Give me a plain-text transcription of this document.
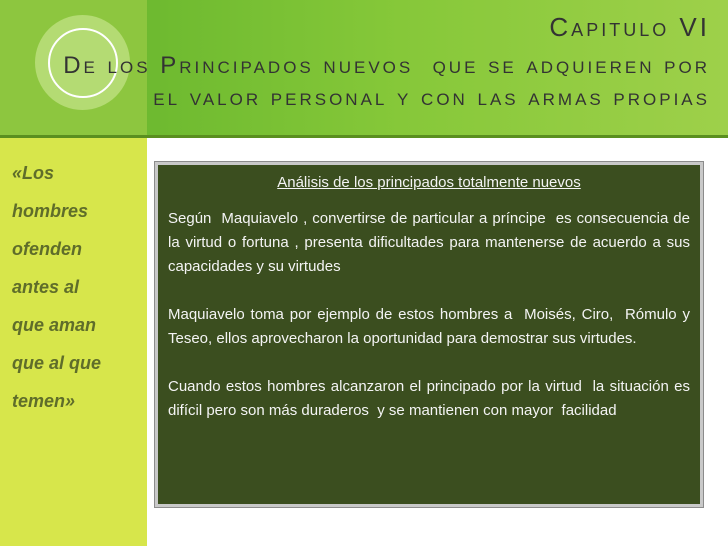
Capitulo VI
De los Principados nuevos  que se adquieren por
el valor personal y con las armas propias
«Los
hombres
ofenden
antes al
que aman
que al que
temen»
Análisis de los principados totalmente nuevos

Según  Maquiavelo , convertirse de particular a príncipe  es consecuencia de la virtud o fortuna , presenta dificultades para mantenerse de acuerdo a sus capacidades y su virtudes

Maquiavelo toma por ejemplo de estos hombres a  Moisés, Ciro,  Rómulo y Teseo, ellos aprovecharon la oportunidad para demostrar sus virtudes.

Cuando estos hombres alcanzaron el principado por la virtud  la situación es difícil pero son más duraderos  y se mantienen con mayor  facilidad
